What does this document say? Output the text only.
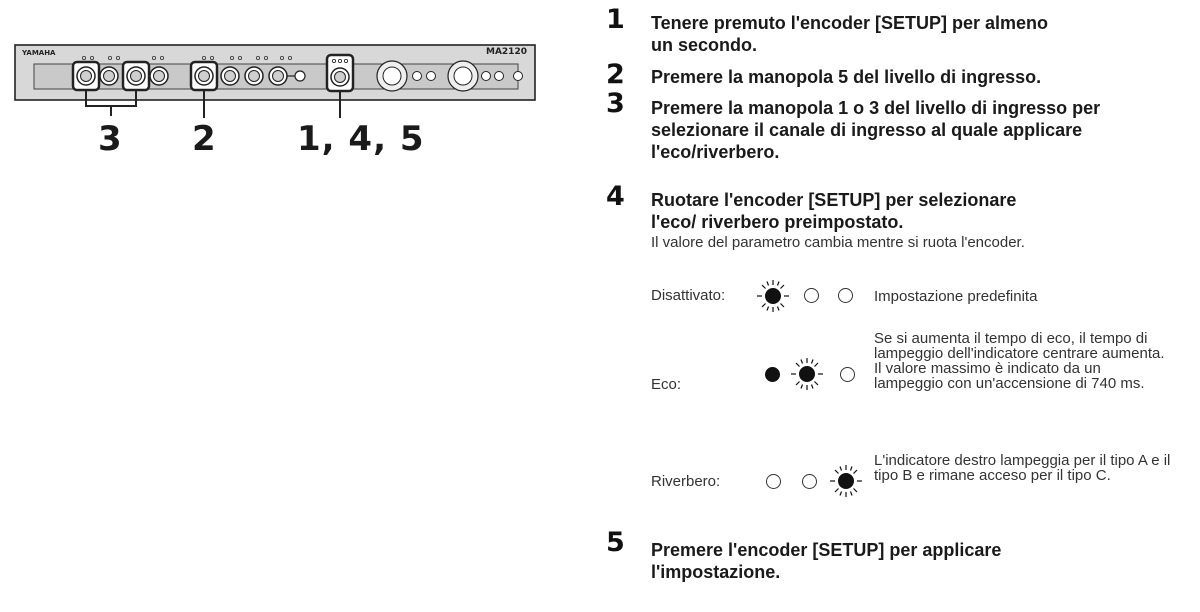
YAMAHA	MA2120
3 2 1, 4, 5
1 Tenere premuto l'encoder [SETUP] per almeno un secondo.
2 Premere la manopola 5 del livello di ingresso.
3 Premere la manopola 1 o 3 del livello di ingresso per selezionare il canale di ingresso al quale applicare l'eco/riverbero.
4 Ruotare l'encoder [SETUP] per selezionare l'eco/ riverbero preimpostato.
Il valore del parametro cambia mentre si ruota l'encoder.
Disattivato:	Impostazione predefinita
Eco:
Se si aumenta il tempo di eco, il tempo di lampeggio dell'indicatore centrare aumenta. Il valore massimo è indicato da un lampeggio con un'accensione di 740 ms.
Riverbero:
L'indicatore destro lampeggia per il tipo A e il tipo B e rimane acceso per il tipo C.
5 Premere l'encoder [SETUP] per applicare l'impostazione.
